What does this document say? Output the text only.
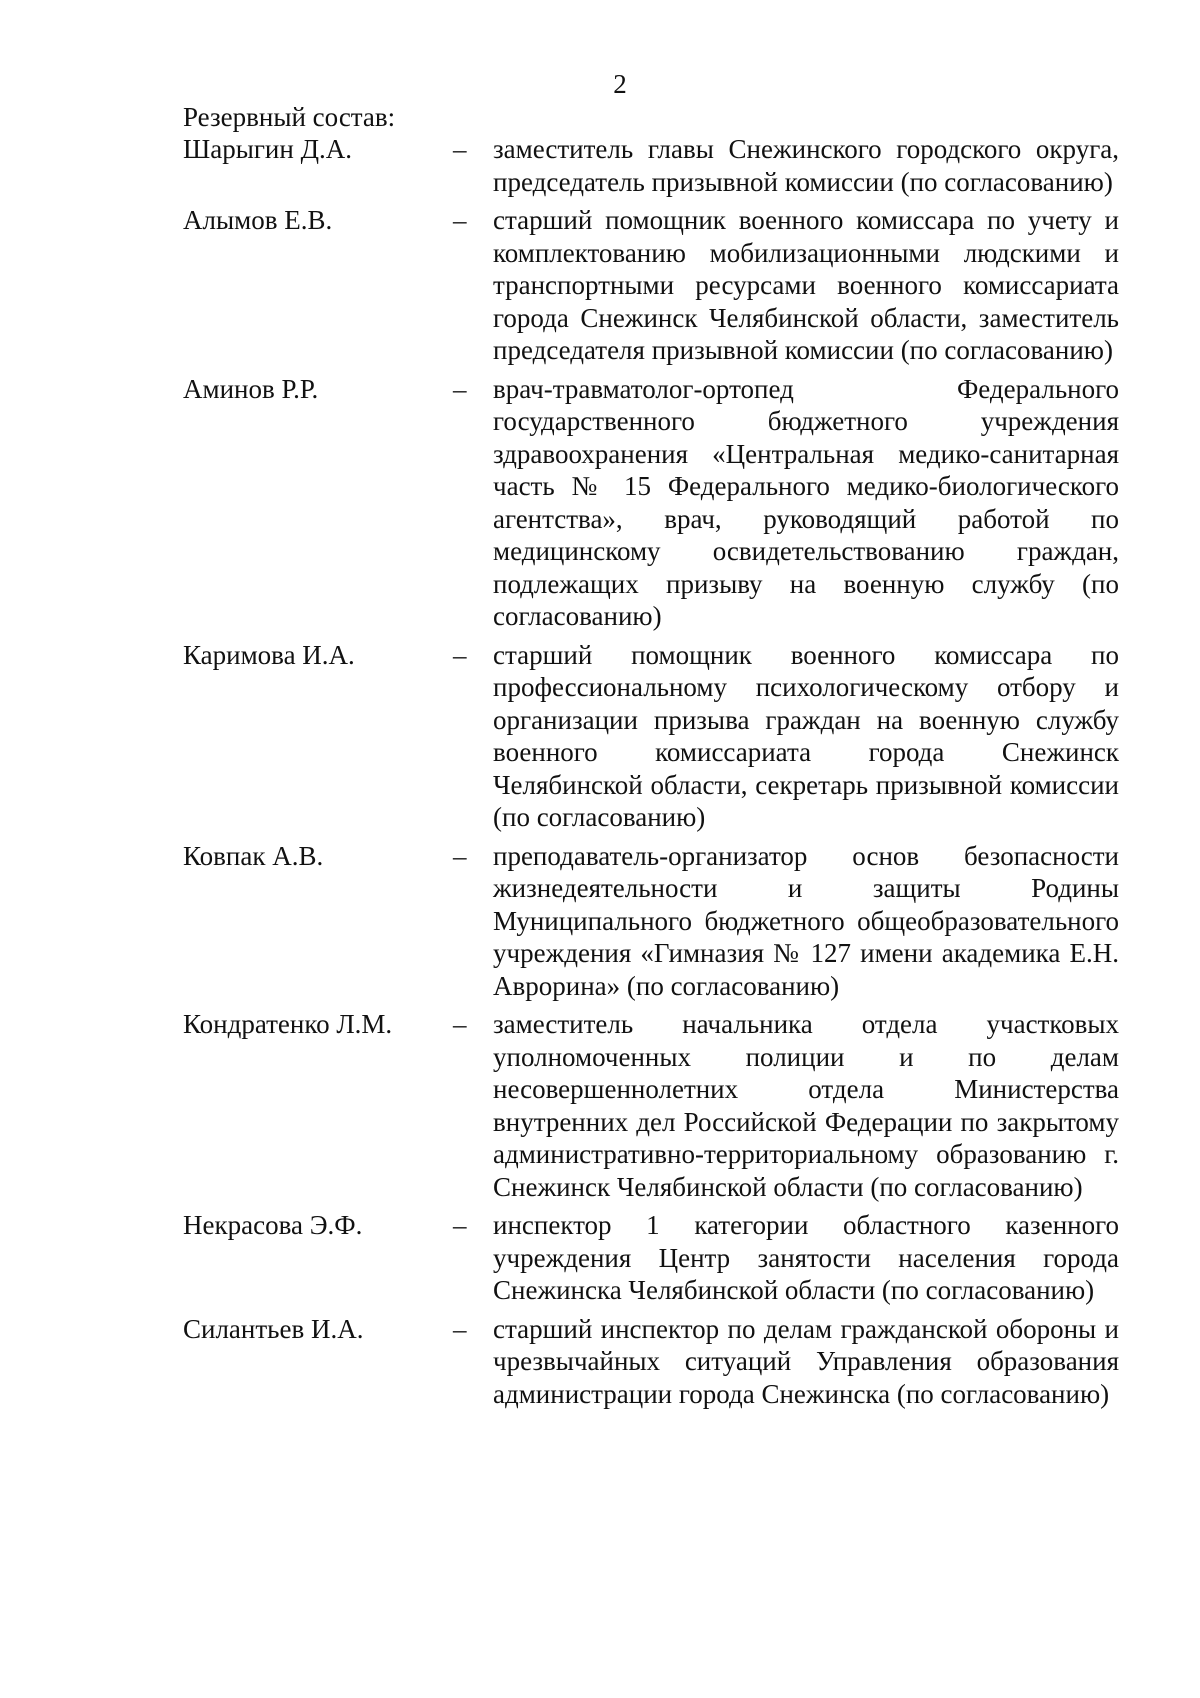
2
Резервный состав:
Шарыгин Д.А.	– заместитель главы Снежинского городского округа, председатель призывной комиссии (по согласованию)
Алымов Е.В.	– старший помощник военного комиссара по учету и комплектованию мобилизационными людскими и транспортными ресурсами военного комиссариата города Снежинск Челябинской области, заместитель председателя призывной комиссии (по согласованию)
Аминов Р.Р.	– врач-травматолог-ортопед Федерального государственного бюджетного учреждения здравоохранения «Центральная медико-санитарная часть № 15 Федерального медико-биологического агентства», врач, руководящий работой по медицинскому освидетельствованию граждан, подлежащих призыву на военную службу (по согласованию)
Каримова И.А.	– старший помощник военного комиссара по профессиональному психологическому отбору и организации призыва граждан на военную службу военного комиссариата города Снежинск Челябинской области, секретарь призывной комиссии (по согласованию)
Ковпак А.В.	– преподаватель-организатор основ безопасности жизнедеятельности и защиты Родины Муниципального бюджетного общеобразовательного учреждения «Гимназия № 127 имени академика Е.Н. Аврорина» (по согласованию)
Кондратенко Л.М.	– заместитель начальника отдела участковых уполномоченных полиции и по делам несовершеннолетних отдела Министерства внутренних дел Российской Федерации по закрытому административно-территориальному образованию г. Снежинск Челябинской области (по согласованию)
Некрасова Э.Ф.	– инспектор 1 категории областного казенного учреждения Центр занятости населения города Снежинска Челябинской области (по согласованию)
Силантьев И.А.	– старший инспектор по делам гражданской обороны и чрезвычайных ситуаций Управления образования администрации города Снежинска (по согласованию)
